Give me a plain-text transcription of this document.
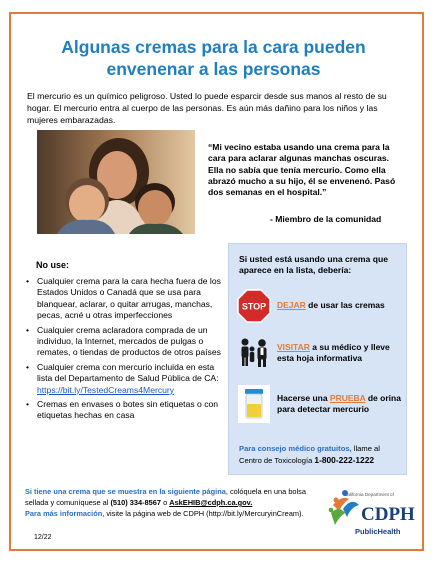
Algunas cremas para la cara pueden
envenenar a las personas

El mercurio es un químico peligroso. Usted lo puede esparcir desde sus manos al resto de su hogar. El mercurio entra al cuerpo de las personas. Es aún más dañino para los niños y las mujeres embarazadas.

“Mi vecino estaba usando una crema para la cara para aclarar algunas manchas oscuras. Ella no sabía que tenía mercurio. Como ella abrazó mucho a su hijo, él se envenenó. Pasó dos semanas en el hospital.”

- Miembro de la comunidad

No use:

• Cualquier crema para la cara hecha fuera de los Estados Unidos o Canadá que se usa para blanquear, aclarar, o quitar arrugas, manchas, pecas, acné u otras imperfecciones
• Cualquier crema aclaradora comprada de un individuo, la Internet, mercados de pulgas o remates, o tiendas de productos de otros países
• Cualquier crema con mercurio incluida en esta lista del Departamento de Salud Pública de CA: https://bit.ly/TestedCreams4Mercury
• Cremas en envases o botes sin etiquetas o con etiquetas hechas en casa

Si usted está usando una crema que aparece en la lista, debería:

STOP DEJAR de usar las cremas
VISITAR a su médico y lleve esta hoja informativa
Hacerse una PRUEBA de orina para detectar mercurio

Para consejo médico gratuitos, llame al Centro de Toxicología 1-800-222-1222

Si tiene una crema que se muestra en la siguiente página, colóquela en una bolsa sellada y comuníquese al (510) 334-8567 o AskEHIB@cdph.ca.gov.
Para más información, visite la página web de CDPH (http://bit.ly/MercuryinCream).

12/22

California Department of
CDPH
PublicHealth
